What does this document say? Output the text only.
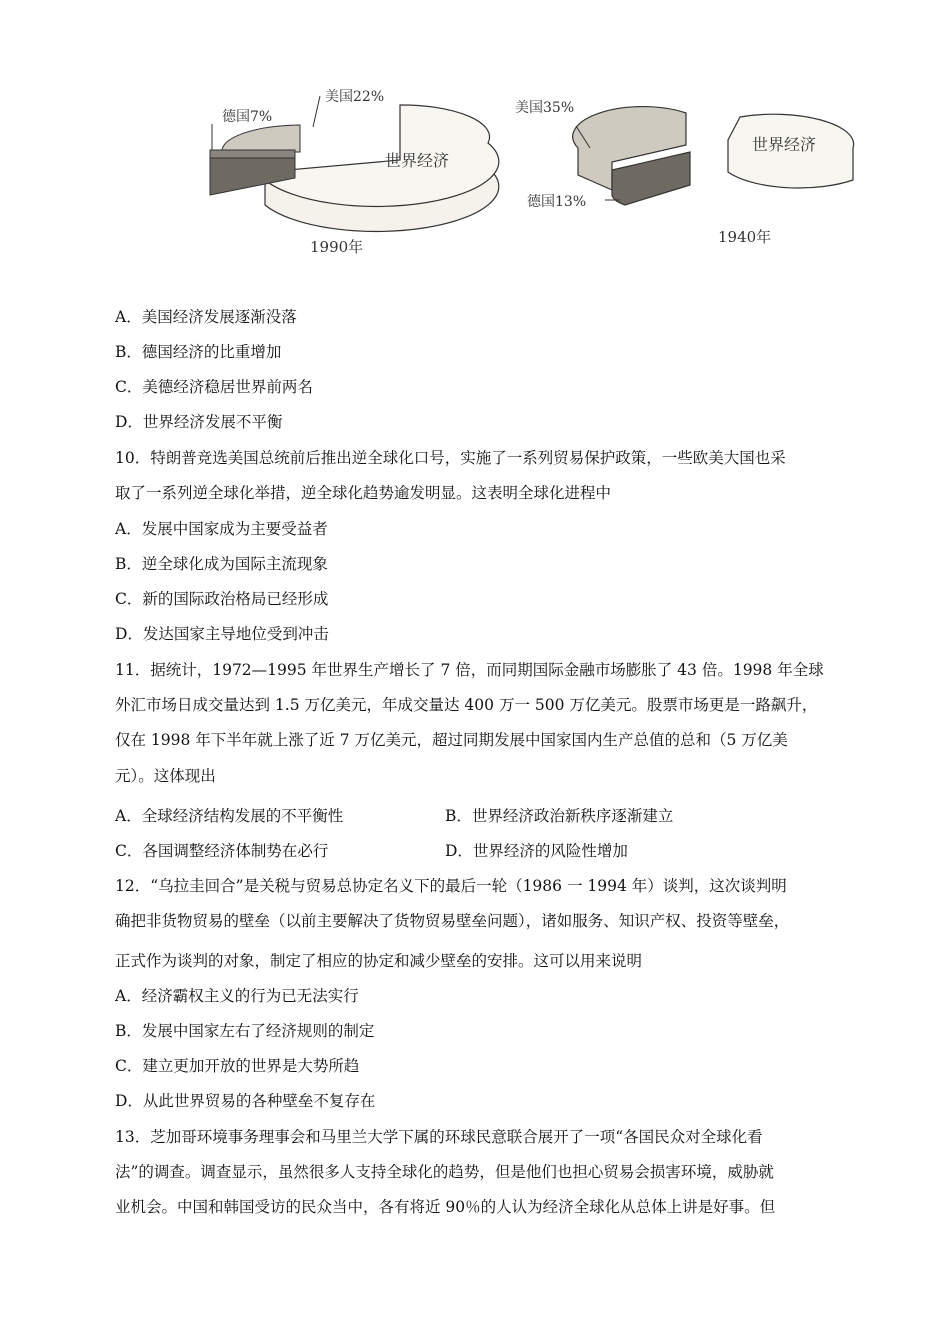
世界经济
美国22%
德国7%
1990年
世界经济
美国35%
德国13%
1940年
A．美国经济发展逐渐没落
B．德国经济的比重增加
C．美德经济稳居世界前两名
D．世界经济发展不平衡
10．特朗普竞选美国总统前后推出逆全球化口号，实施了一系列贸易保护政策，一些欧美大国也采
取了一系列逆全球化举措，逆全球化趋势逾发明显。这表明全球化进程中
A．发展中国家成为主要受益者
B．逆全球化成为国际主流现象
C．新的国际政治格局已经形成
D．发达国家主导地位受到冲击
11．据统计，1972—1995 年世界生产增长了 7 倍，而同期国际金融市场膨胀了 43 倍。1998 年全球
外汇市场日成交量达到 1.5 万亿美元，年成交量达 400 万一 500 万亿美元。股票市场更是一路飙升，
仅在 1998 年下半年就上涨了近 7 万亿美元，超过同期发展中国家国内生产总值的总和（5 万亿美
元）。这体现出
A．全球经济结构发展的不平衡性	B．世界经济政治新秩序逐渐建立
C．各国调整经济体制势在必行	D．世界经济的风险性增加
12．“乌拉圭回合”是关税与贸易总协定名义下的最后一轮（1986 一 1994 年）谈判，这次谈判明
确把非货物贸易的壁垒（以前主要解决了货物贸易壁垒问题），诸如服务、知识产权、投资等壁垒，
正式作为谈判的对象，制定了相应的协定和减少壁垒的安排。这可以用来说明
A．经济霸权主义的行为已无法实行
B．发展中国家左右了经济规则的制定
C．建立更加开放的世界是大势所趋
D．从此世界贸易的各种壁垒不复存在
13．芝加哥环境事务理事会和马里兰大学下属的环球民意联合展开了一项“各国民众对全球化看
法”的调查。调查显示，虽然很多人支持全球化的趋势，但是他们也担心贸易会损害环境，威胁就
业机会。中国和韩国受访的民众当中，各有将近 90％的人认为经济全球化从总体上讲是好事。但
